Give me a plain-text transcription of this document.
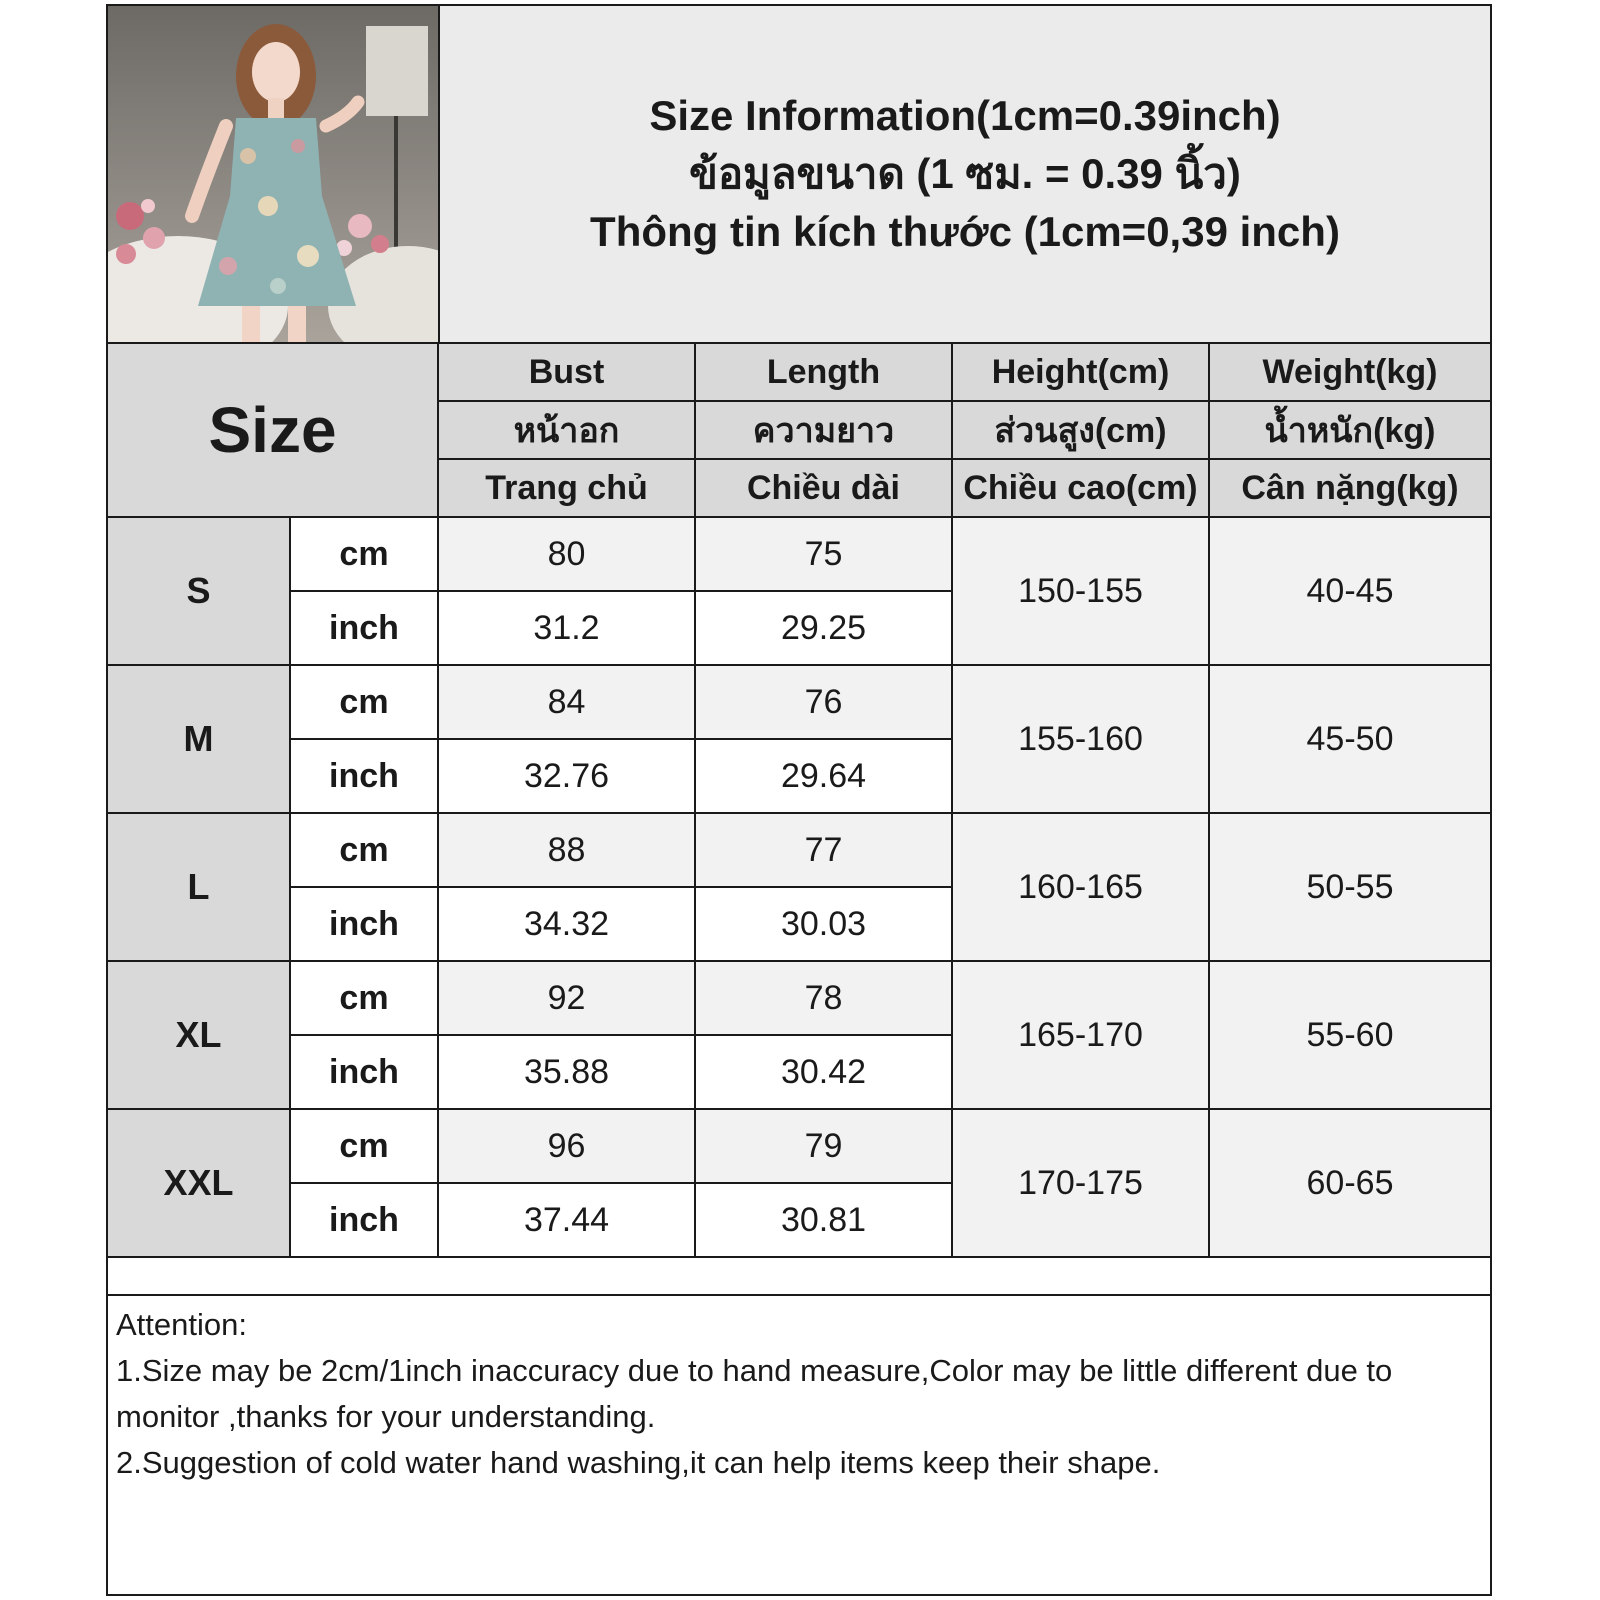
Size Information(1cm=0.39inch)
ข้อมูลขนาด (1 ซม. = 0.39 นิ้ว)
Thông tin kích thước (1cm=0,39 inch)
Size		Bust	Length	Height(cm)	Weight(kg)
		หน้าอก	ความยาว	ส่วนสูง(cm)	น้ำหนัก(kg)
		Trang chủ	Chiều dài	Chiều cao(cm)	Cân nặng(kg)
S	cm	80	75	150-155	40-45
	inch	31.2	29.25		
M	cm	84	76	155-160	45-50
	inch	32.76	29.64		
L	cm	88	77	160-165	50-55
	inch	34.32	30.03		
XL	cm	92	78	165-170	55-60
	inch	35.88	30.42		
XXL	cm	96	79	170-175	60-65
	inch	37.44	30.81		

Attention:

1.Size may be 2cm/1inch inaccuracy due to hand measure,Color may be little different due to monitor ,thanks for your understanding.

2.Suggestion of cold water hand washing,it can help items keep their shape.
